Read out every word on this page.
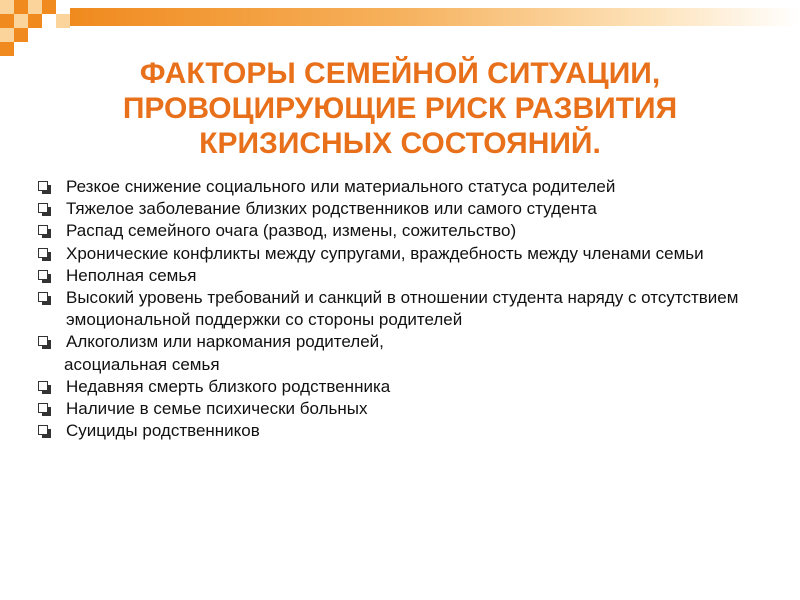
ФАКТОРЫ СЕМЕЙНОЙ СИТУАЦИИ,
ПРОВОЦИРУЮЩИЕ РИСК РАЗВИТИЯ
КРИЗИСНЫХ СОСТОЯНИЙ.
Резкое снижение социального или материального статуса родителей
Тяжелое заболевание близких родственников или самого студента
Распад семейного очага (развод, измены, сожительство)
Хронические конфликты между супругами, враждебность между членами семьи
Неполная семья
Высокий уровень требований и санкций в отношении студента наряду с отсутствием эмоциональной поддержки со стороны родителей
Алкоголизм или наркомания родителей,
асоциальная семья
Недавняя смерть близкого родственника
Наличие в семье психически больных
Суициды родственников
